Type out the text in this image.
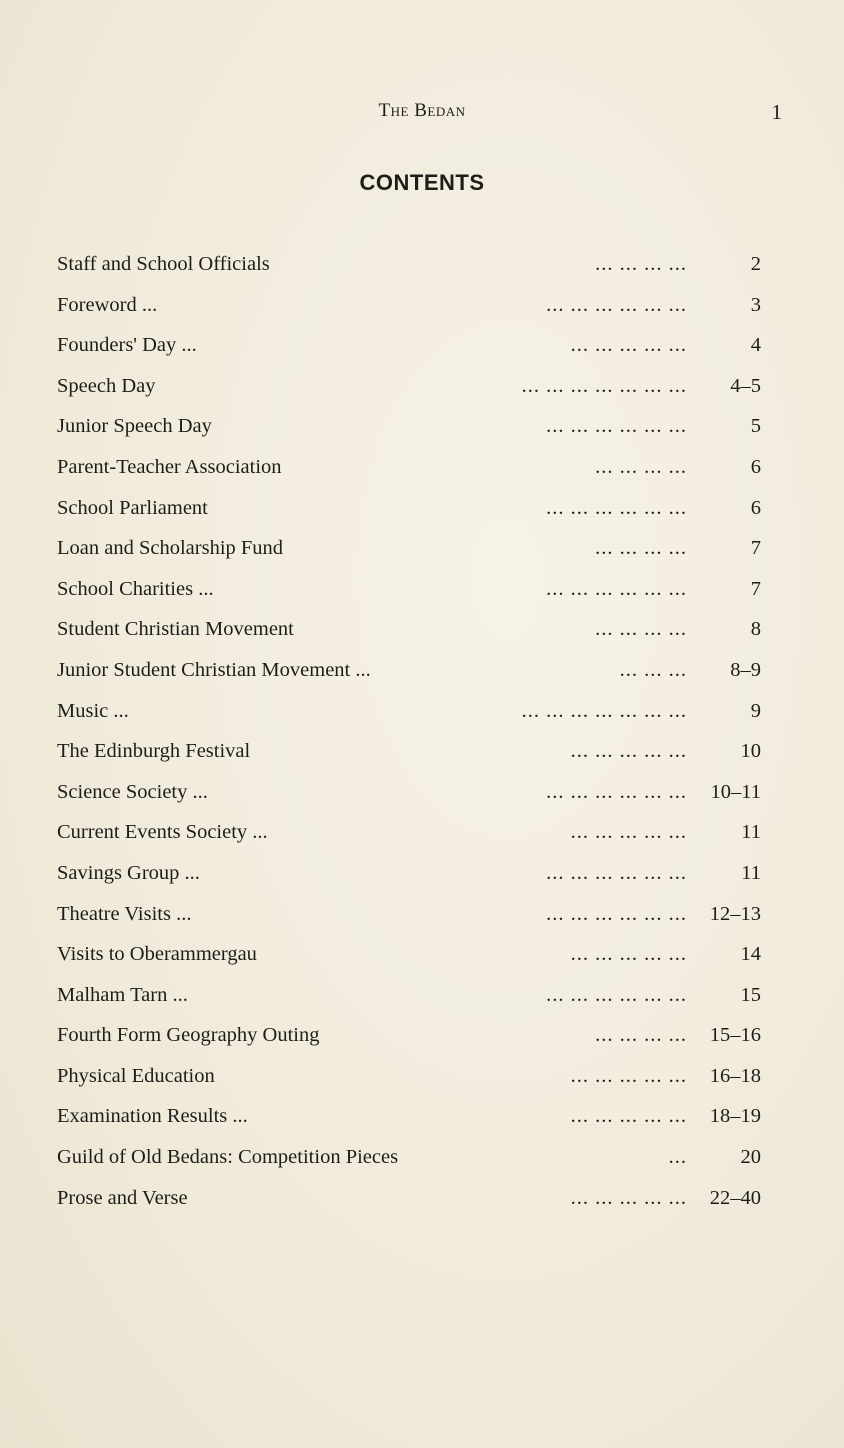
The Bedan	1
CONTENTS
Staff and School Officials	... ... ... ...	2
Foreword ...	... ... ... ... ... ...	3
Founders' Day ...	... ... ... ... ...	4
Speech Day	... ... ... ... ... ... ... 4–5
Junior Speech Day	... ... ... ... ... ...	5
Parent-Teacher Association	... ... ... ...	6
School Parliament	... ... ... ... ... ...	6
Loan and Scholarship Fund	... ... ... ...	7
School Charities ...	... ... ... ... ... ...	7
Student Christian Movement	... ... ... ...	8
Junior Student Christian Movement ...	... ... ... 8–9
Music ...	... ... ... ... ... ... ...	9
The Edinburgh Festival	... ... ... ... ...	10
Science Society ...	... ... ... ... ... ... 10–11
Current Events Society ...	... ... ... ... ...	11
Savings Group ...	... ... ... ... ... ...	11
Theatre Visits ...	... ... ... ... ... ... 12–13
Visits to Oberammergau	... ... ... ... ...	14
Malham Tarn ...	... ... ... ... ... ...	15
Fourth Form Geography Outing	... ... ... ... 15–16
Physical Education	... ... ... ... ... 16–18
Examination Results ...	... ... ... ... ... 18–19
Guild of Old Bedans: Competition Pieces	...	20
Prose and Verse	... ... ... ... ... 22–40
